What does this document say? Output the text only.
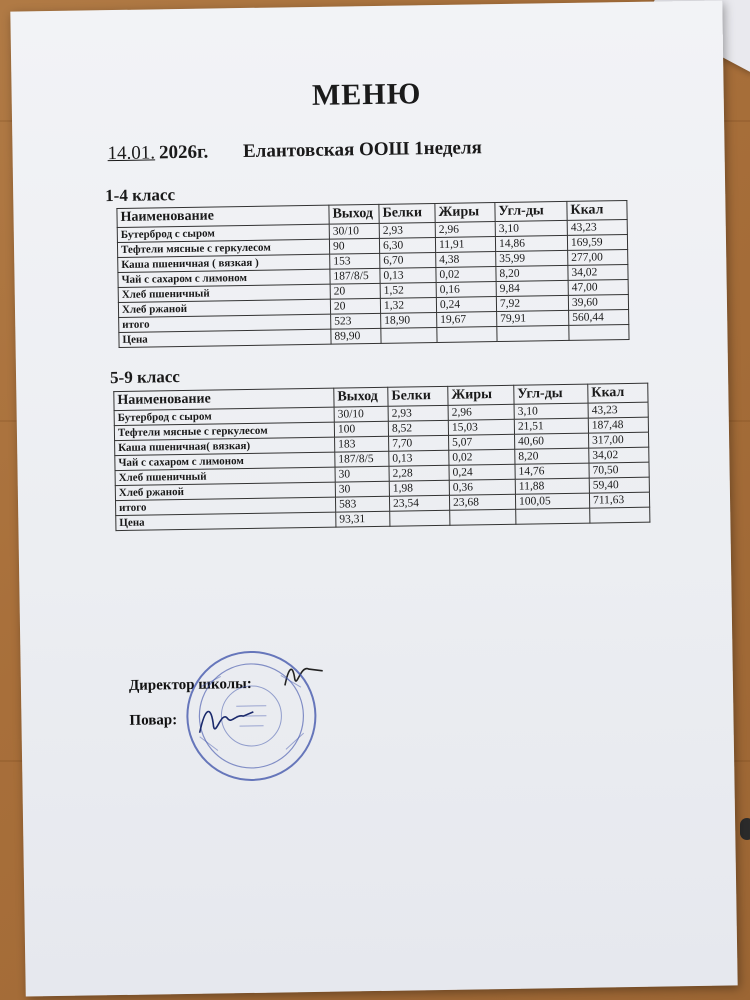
МЕНЮ
14.01. 2026г. Елантовская ООШ 1неделя
1-4 класс
Наименование	Выход	Белки	Жиры	Угл-ды	Ккал
Бутерброд с сыром	30/10	2,93	2,96	3,10	43,23
Тефтели мясные с геркулесом	90	6,30	11,91	14,86	169,59
Каша пшеничная ( вязкая )	153	6,70	4,38	35,99	277,00
Чай с сахаром с лимоном	187/8/5	0,13	0,02	8,20	34,02
Хлеб пшеничный	20	1,52	0,16	9,84	47,00
Хлеб ржаной	20	1,32	0,24	7,92	39,60
итого	523	18,90	19,67	79,91	560,44
Цена	89,90				
5-9 класс
Наименование	Выход	Белки	Жиры	Угл-ды	Ккал
Бутерброд с сыром	30/10	2,93	2,96	3,10	43,23
Тефтели мясные с геркулесом	100	8,52	15,03	21,51	187,48
Каша пшеничная( вязкая)	183	7,70	5,07	40,60	317,00
Чай с сахаром с лимоном	187/8/5	0,13	0,02	8,20	34,02
Хлеб пшеничный	30	2,28	0,24	14,76	70,50
Хлеб ржаной	30	1,98	0,36	11,88	59,40
итого	583	23,54	23,68	100,05	711,63
Цена	93,31				
Директор школы:
Повар:
